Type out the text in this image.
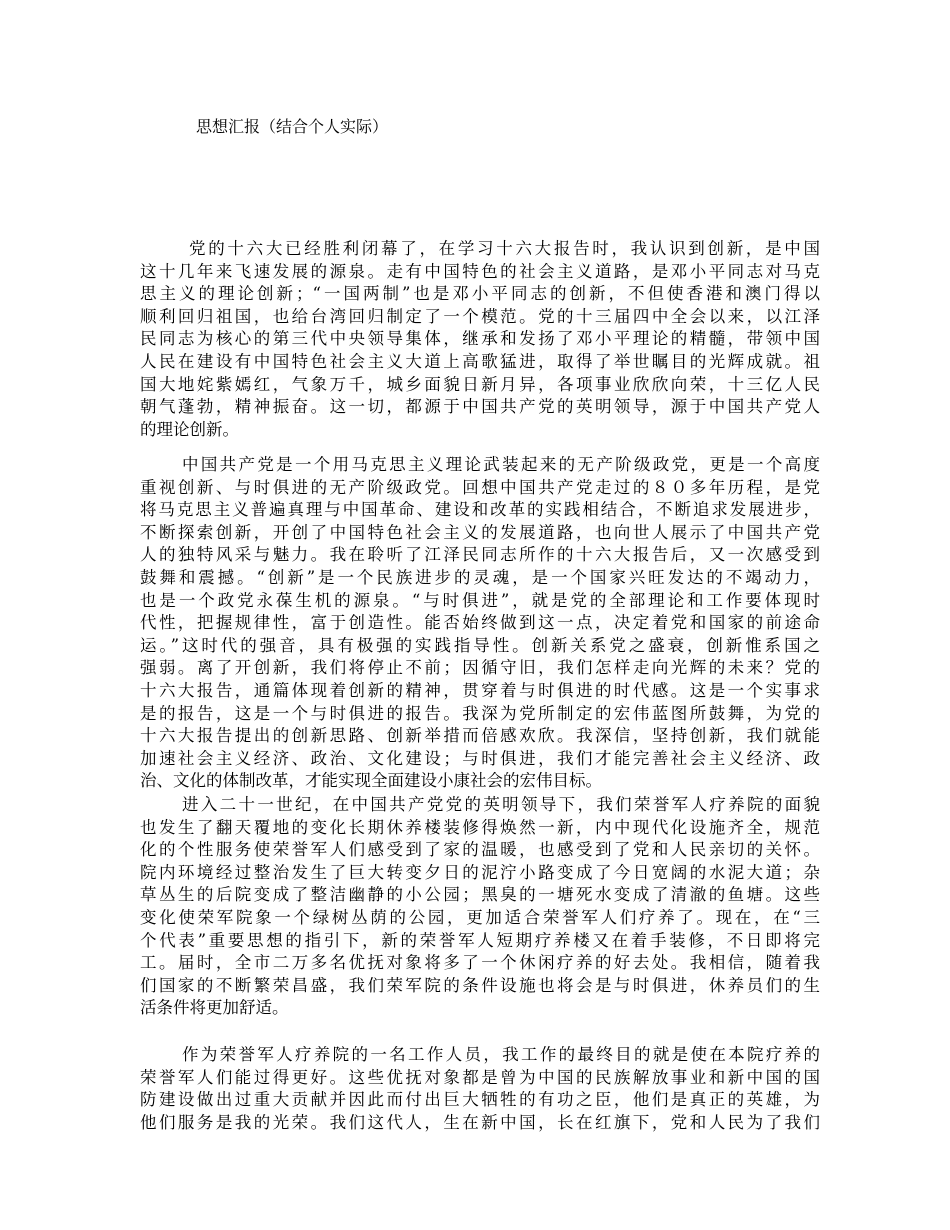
思想汇报（结合个人实际）
党的十六大已经胜利闭幕了，在学习十六大报告时，我认识到创新，是中国
这十几年来飞速发展的源泉。走有中国特色的社会主义道路，是邓小平同志对马克
思主义的理论创新；“一国两制”也是邓小平同志的创新，不但使香港和澳门得以
顺利回归祖国，也给台湾回归制定了一个模范。党的十三届四中全会以来，以江泽
民同志为核心的第三代中央领导集体，继承和发扬了邓小平理论的精髓，带领中国
人民在建设有中国特色社会主义大道上高歌猛进，取得了举世瞩目的光辉成就。祖
国大地姹紫嫣红，气象万千，城乡面貌日新月异，各项事业欣欣向荣，十三亿人民
朝气蓬勃，精神振奋。这一切，都源于中国共产党的英明领导，源于中国共产党人
的理论创新。
中国共产党是一个用马克思主义理论武装起来的无产阶级政党，更是一个高度
重视创新、与时俱进的无产阶级政党。回想中国共产党走过的８０多年历程，是党
将马克思主义普遍真理与中国革命、建设和改革的实践相结合，不断追求发展进步，
不断探索创新，开创了中国特色社会主义的发展道路，也向世人展示了中国共产党
人的独特风采与魅力。我在聆听了江泽民同志所作的十六大报告后，又一次感受到
鼓舞和震撼。“创新”是一个民族进步的灵魂，是一个国家兴旺发达的不竭动力，
也是一个政党永葆生机的源泉。“与时俱进”，就是党的全部理论和工作要体现时
代性，把握规律性，富于创造性。能否始终做到这一点，决定着党和国家的前途命
运。”这时代的强音，具有极强的实践指导性。创新关系党之盛衰，创新惟系国之
强弱。离了开创新，我们将停止不前；因循守旧，我们怎样走向光辉的未来？党的
十六大报告，通篇体现着创新的精神，贯穿着与时俱进的时代感。这是一个实事求
是的报告，这是一个与时俱进的报告。我深为党所制定的宏伟蓝图所鼓舞，为党的
十六大报告提出的创新思路、创新举措而倍感欢欣。我深信，坚持创新，我们就能
加速社会主义经济、政治、文化建设；与时俱进，我们才能完善社会主义经济、政
治、文化的体制改革，才能实现全面建设小康社会的宏伟目标。
进入二十一世纪，在中国共产党党的英明领导下，我们荣誉军人疗养院的面貌
也发生了翻天覆地的变化长期休养楼装修得焕然一新，内中现代化设施齐全，规范
化的个性服务使荣誉军人们感受到了家的温暖，也感受到了党和人民亲切的关怀。
院内环境经过整治发生了巨大转变夕日的泥泞小路变成了今日宽阔的水泥大道；杂
草丛生的后院变成了整洁幽静的小公园；黑臭的一塘死水变成了清澈的鱼塘。这些
变化使荣军院象一个绿树丛荫的公园，更加适合荣誉军人们疗养了。现在，在“三
个代表”重要思想的指引下，新的荣誉军人短期疗养楼又在着手装修，不日即将完
工。届时，全市二万多名优抚对象将多了一个休闲疗养的好去处。我相信，随着我
们国家的不断繁荣昌盛，我们荣军院的条件设施也将会是与时俱进，休养员们的生
活条件将更加舒适。
作为荣誉军人疗养院的一名工作人员，我工作的最终目的就是使在本院疗养的
荣誉军人们能过得更好。这些优抚对象都是曾为中国的民族解放事业和新中国的国
防建设做出过重大贡献并因此而付出巨大牺牲的有功之臣，他们是真正的英雄，为
他们服务是我的光荣。我们这代人，生在新中国，长在红旗下，党和人民为了我们
